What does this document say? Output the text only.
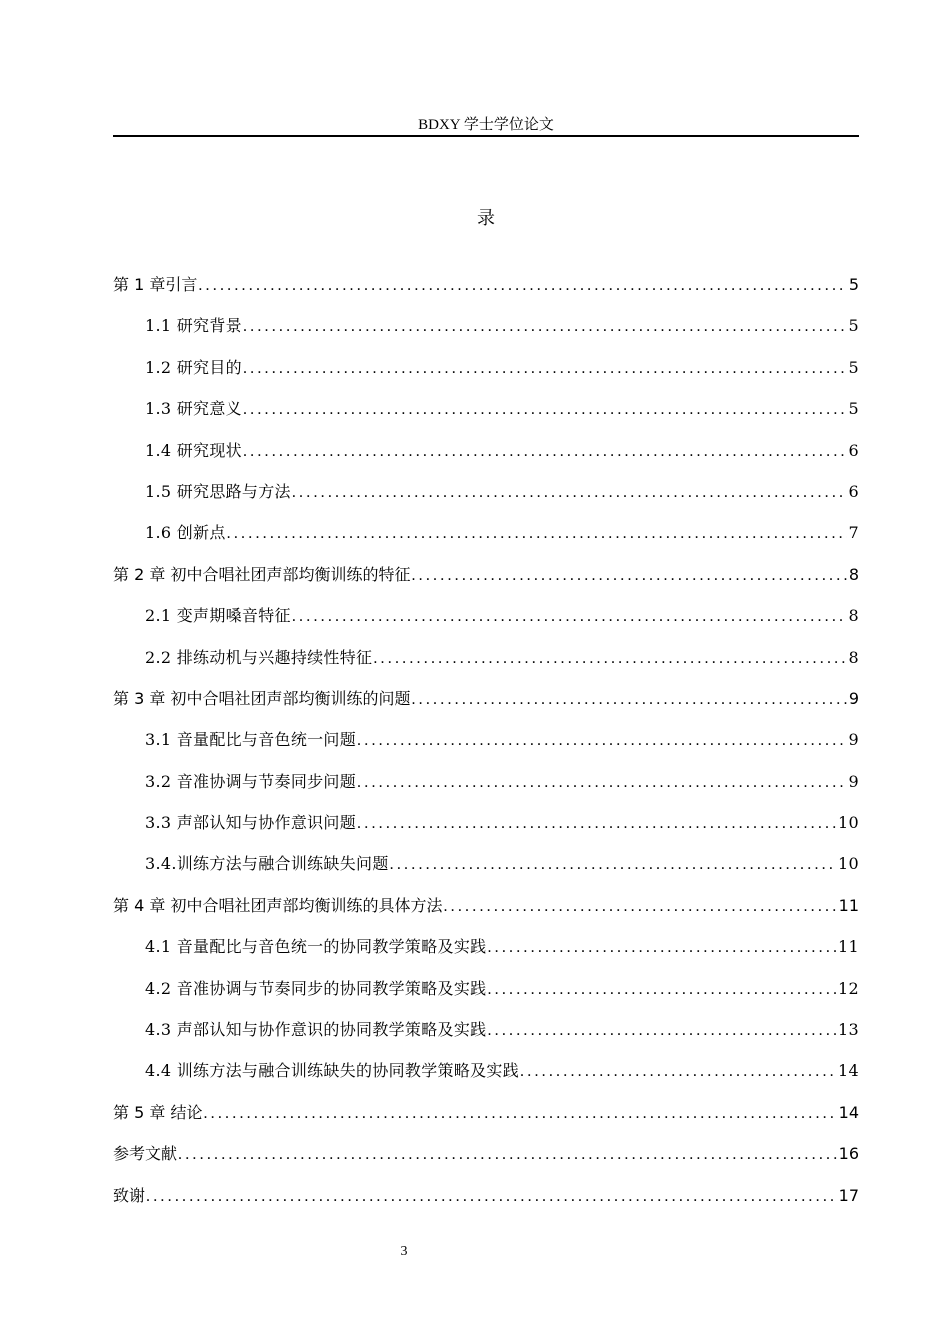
BDXY 学士学位论文
录
第 1 章引言 .....	5
1.1 研究背景 .....	5
1.2 研究目的 .....	5
1.3 研究意义 .....	5
1.4 研究现状 .....	6
1.5 研究思路与方法 .....	6
1.6 创新点 .....	7
第 2 章 初中合唱社团声部均衡训练的特征 .....	8
2.1 变声期嗓音特征 .....	8
2.2 排练动机与兴趣持续性特征 .....	8
第 3 章 初中合唱社团声部均衡训练的问题 .....	9
3.1 音量配比与音色统一问题 .....	9
3.2 音准协调与节奏同步问题 .....	9
3.3 声部认知与协作意识问题 .....	10
3.4.训练方法与融合训练缺失问题 .....	10
第 4 章 初中合唱社团声部均衡训练的具体方法 .....	11
4.1 音量配比与音色统一的协同教学策略及实践 .....	11
4.2 音准协调与节奏同步的协同教学策略及实践 .....	12
4.3 声部认知与协作意识的协同教学策略及实践 .....	13
4.4 训练方法与融合训练缺失的协同教学策略及实践 .....	14
第 5 章 结论 .....	14
参考文献 .....	16
致谢 .....	17
3
